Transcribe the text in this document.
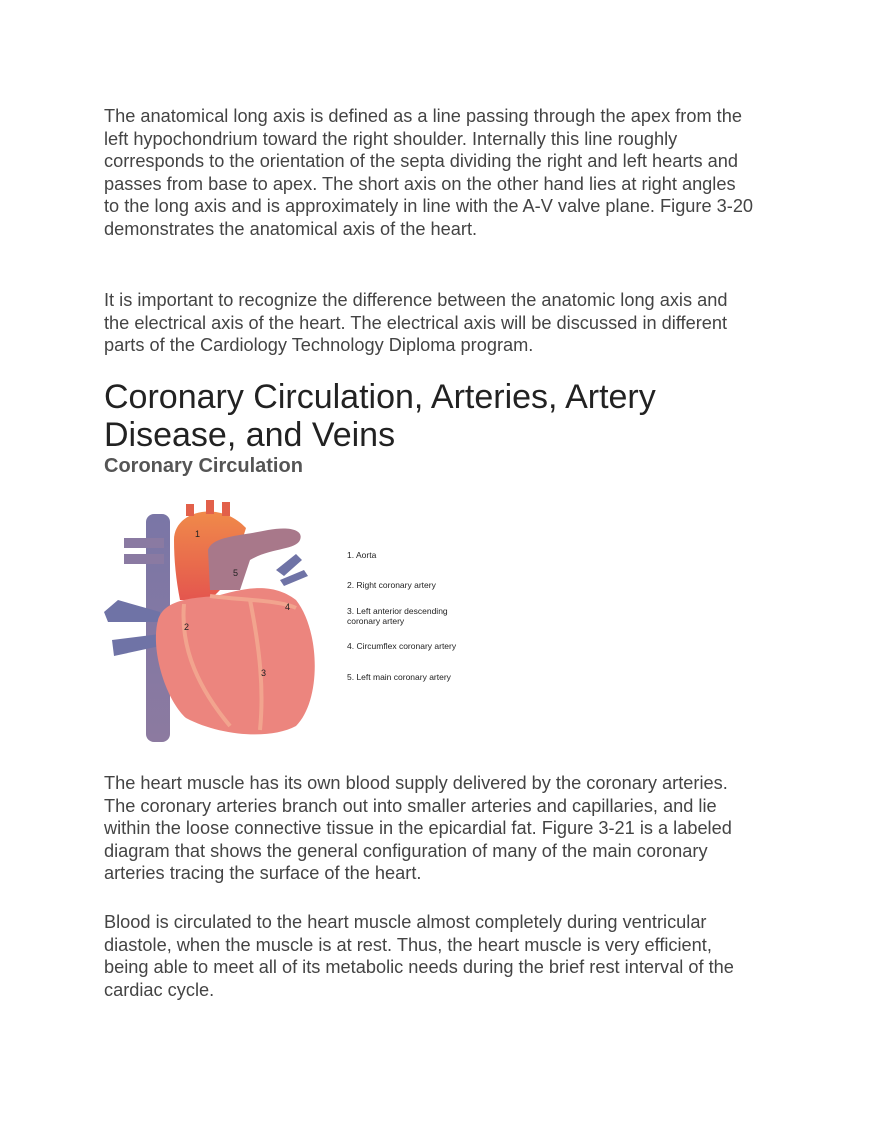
The anatomical long axis is defined as a line passing through the apex from the left hypochondrium toward the right shoulder. Internally this line roughly corresponds to the orientation of the septa dividing the right and left hearts and passes from base to apex. The short axis on the other hand lies at right angles to the long axis and is approximately in line with the A-V valve plane. Figure 3-20 demonstrates the anatomical axis of the heart.

It is important to recognize the difference between the anatomic long axis and the electrical axis of the heart. The electrical axis will be discussed in different parts of the Cardiology Technology Diploma program.

Coronary Circulation, Arteries, Artery Disease, and Veins
Coronary Circulation
1
2
3
4
5
1. Aorta
2. Right coronary artery
3. Left anterior descending coronary artery
4. Circumflex coronary artery
5. Left main coronary artery

The heart muscle has its own blood supply delivered by the coronary arteries. The coronary arteries branch out into smaller arteries and capillaries, and lie within the loose connective tissue in the epicardial fat. Figure 3-21 is a labeled diagram that shows the general configuration of many of the main coronary arteries tracing the surface of the heart.

Blood is circulated to the heart muscle almost completely during ventricular diastole, when the muscle is at rest. Thus, the heart muscle is very efficient, being able to meet all of its metabolic needs during the brief rest interval of the cardiac cycle.
